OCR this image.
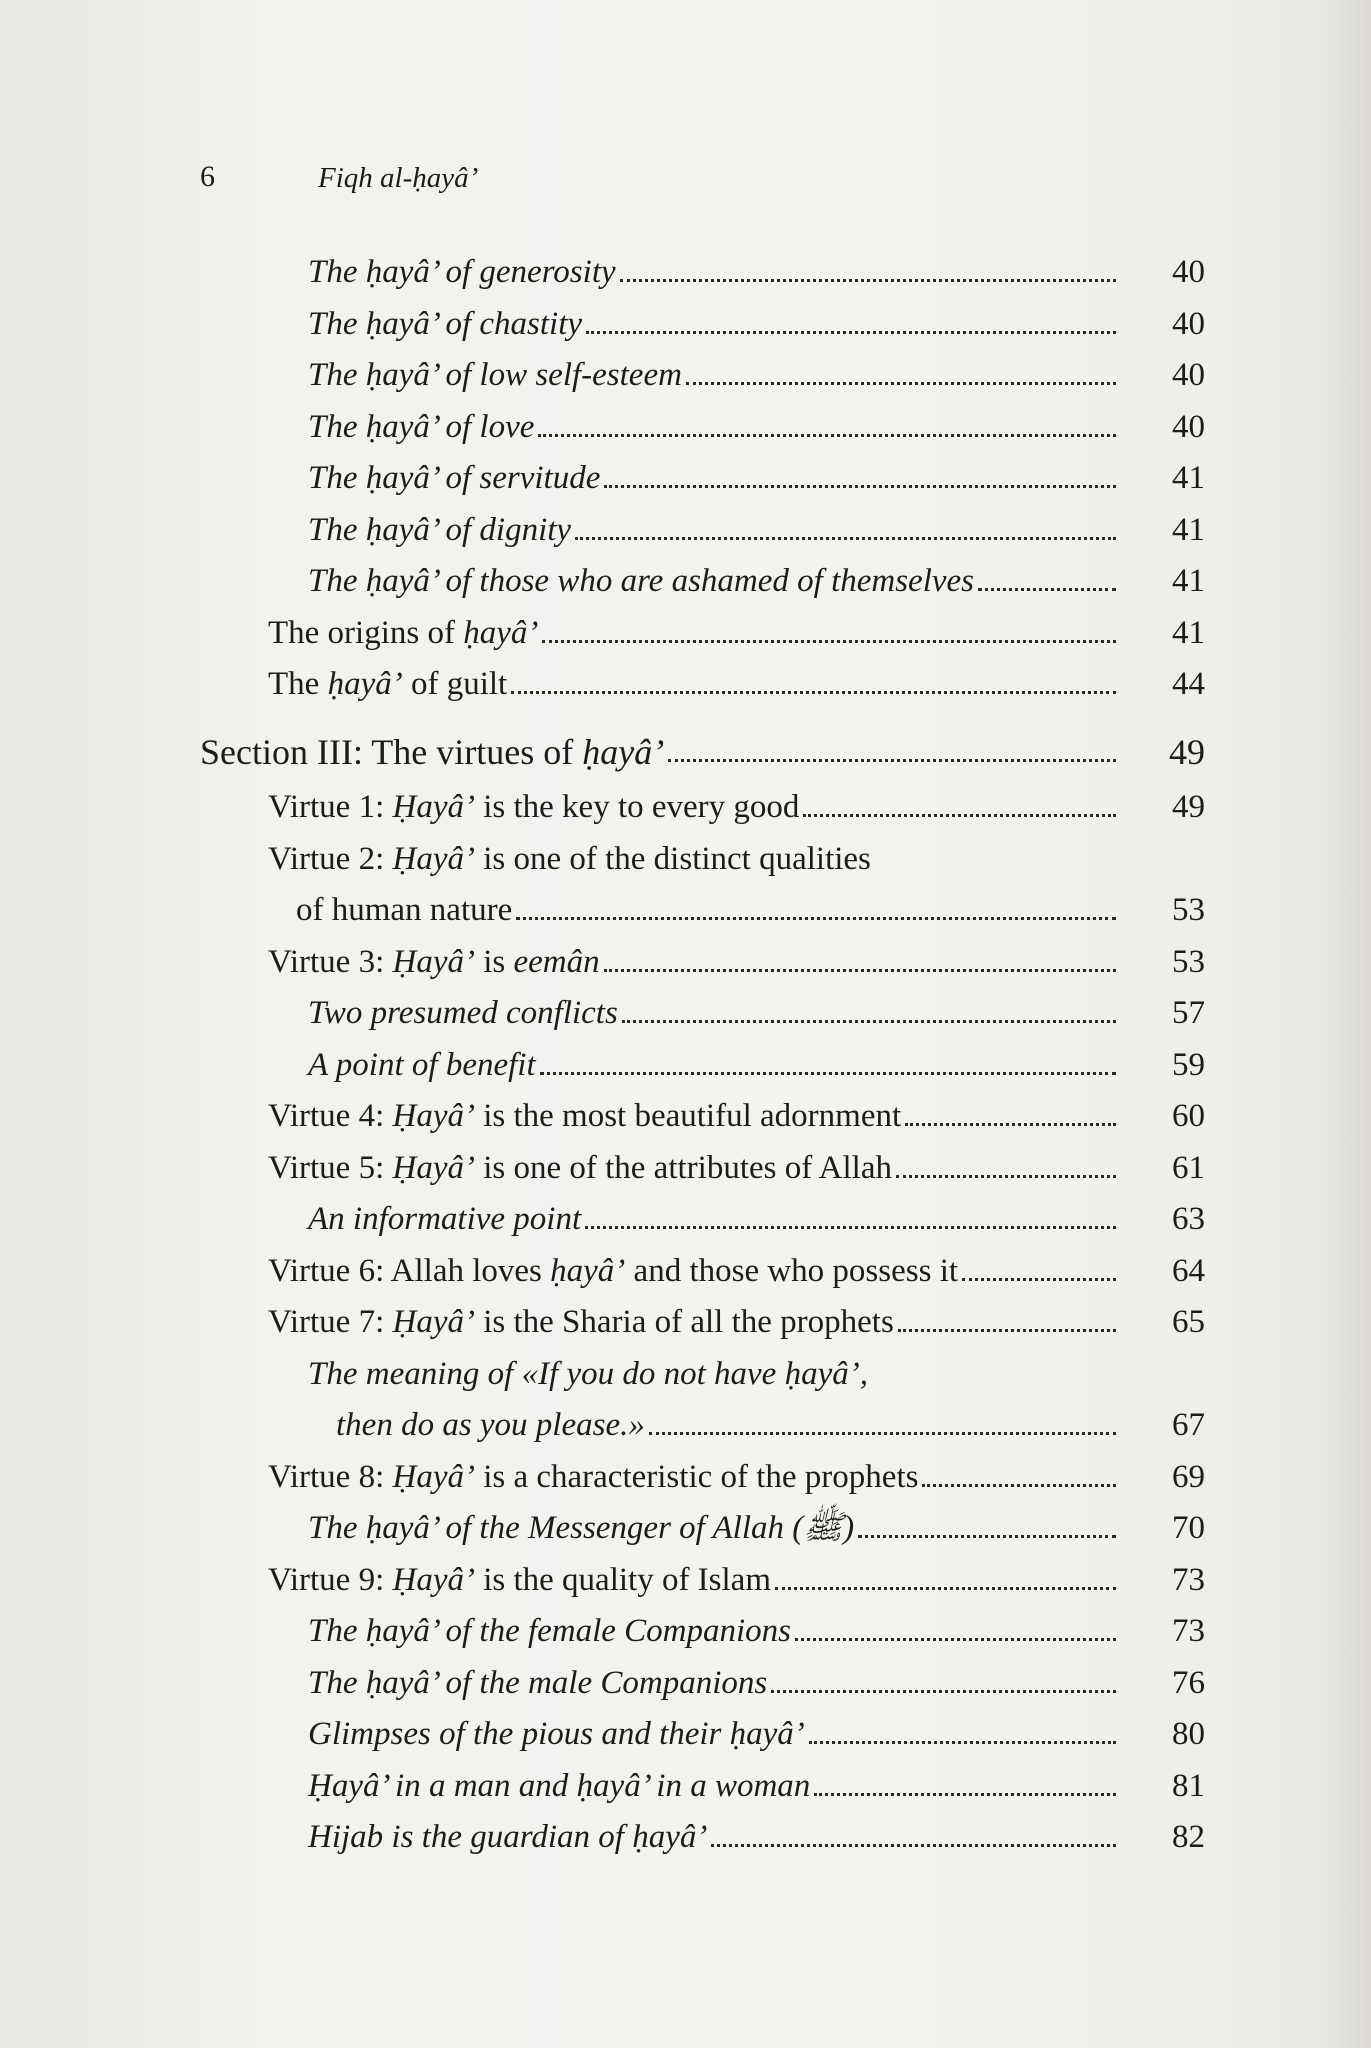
6	Fiqh al-ḥayâ’
The ḥayâ’ of generosity	40
The ḥayâ’ of chastity	40
The ḥayâ’ of low self-esteem	40
The ḥayâ’ of love	40
The ḥayâ’ of servitude	41
The ḥayâ’ of dignity	41
The ḥayâ’ of those who are ashamed of themselves	41
The origins of ḥayâ’	41
The ḥayâ’ of guilt	44
Section III: The virtues of ḥayâ’	49
Virtue 1: Ḥayâ’ is the key to every good	49
Virtue 2: Ḥayâ’ is one of the distinct qualities
of human nature	53
Virtue 3: Ḥayâ’ is eemân	53
Two presumed conflicts	57
A point of benefit	59
Virtue 4: Ḥayâ’ is the most beautiful adornment	60
Virtue 5: Ḥayâ’ is one of the attributes of Allah	61
An informative point	63
Virtue 6: Allah loves ḥayâ’ and those who possess it	64
Virtue 7: Ḥayâ’ is the Sharia of all the prophets	65
The meaning of «If you do not have ḥayâ’,
then do as you please.»	67
Virtue 8: Ḥayâ’ is a characteristic of the prophets	69
The ḥayâ’ of the Messenger of Allah (ﷺ)	70
Virtue 9: Ḥayâ’ is the quality of Islam	73
The ḥayâ’ of the female Companions	73
The ḥayâ’ of the male Companions	76
Glimpses of the pious and their ḥayâ’	80
Ḥayâ’ in a man and ḥayâ’ in a woman	81
Hijab is the guardian of ḥayâ’	82
